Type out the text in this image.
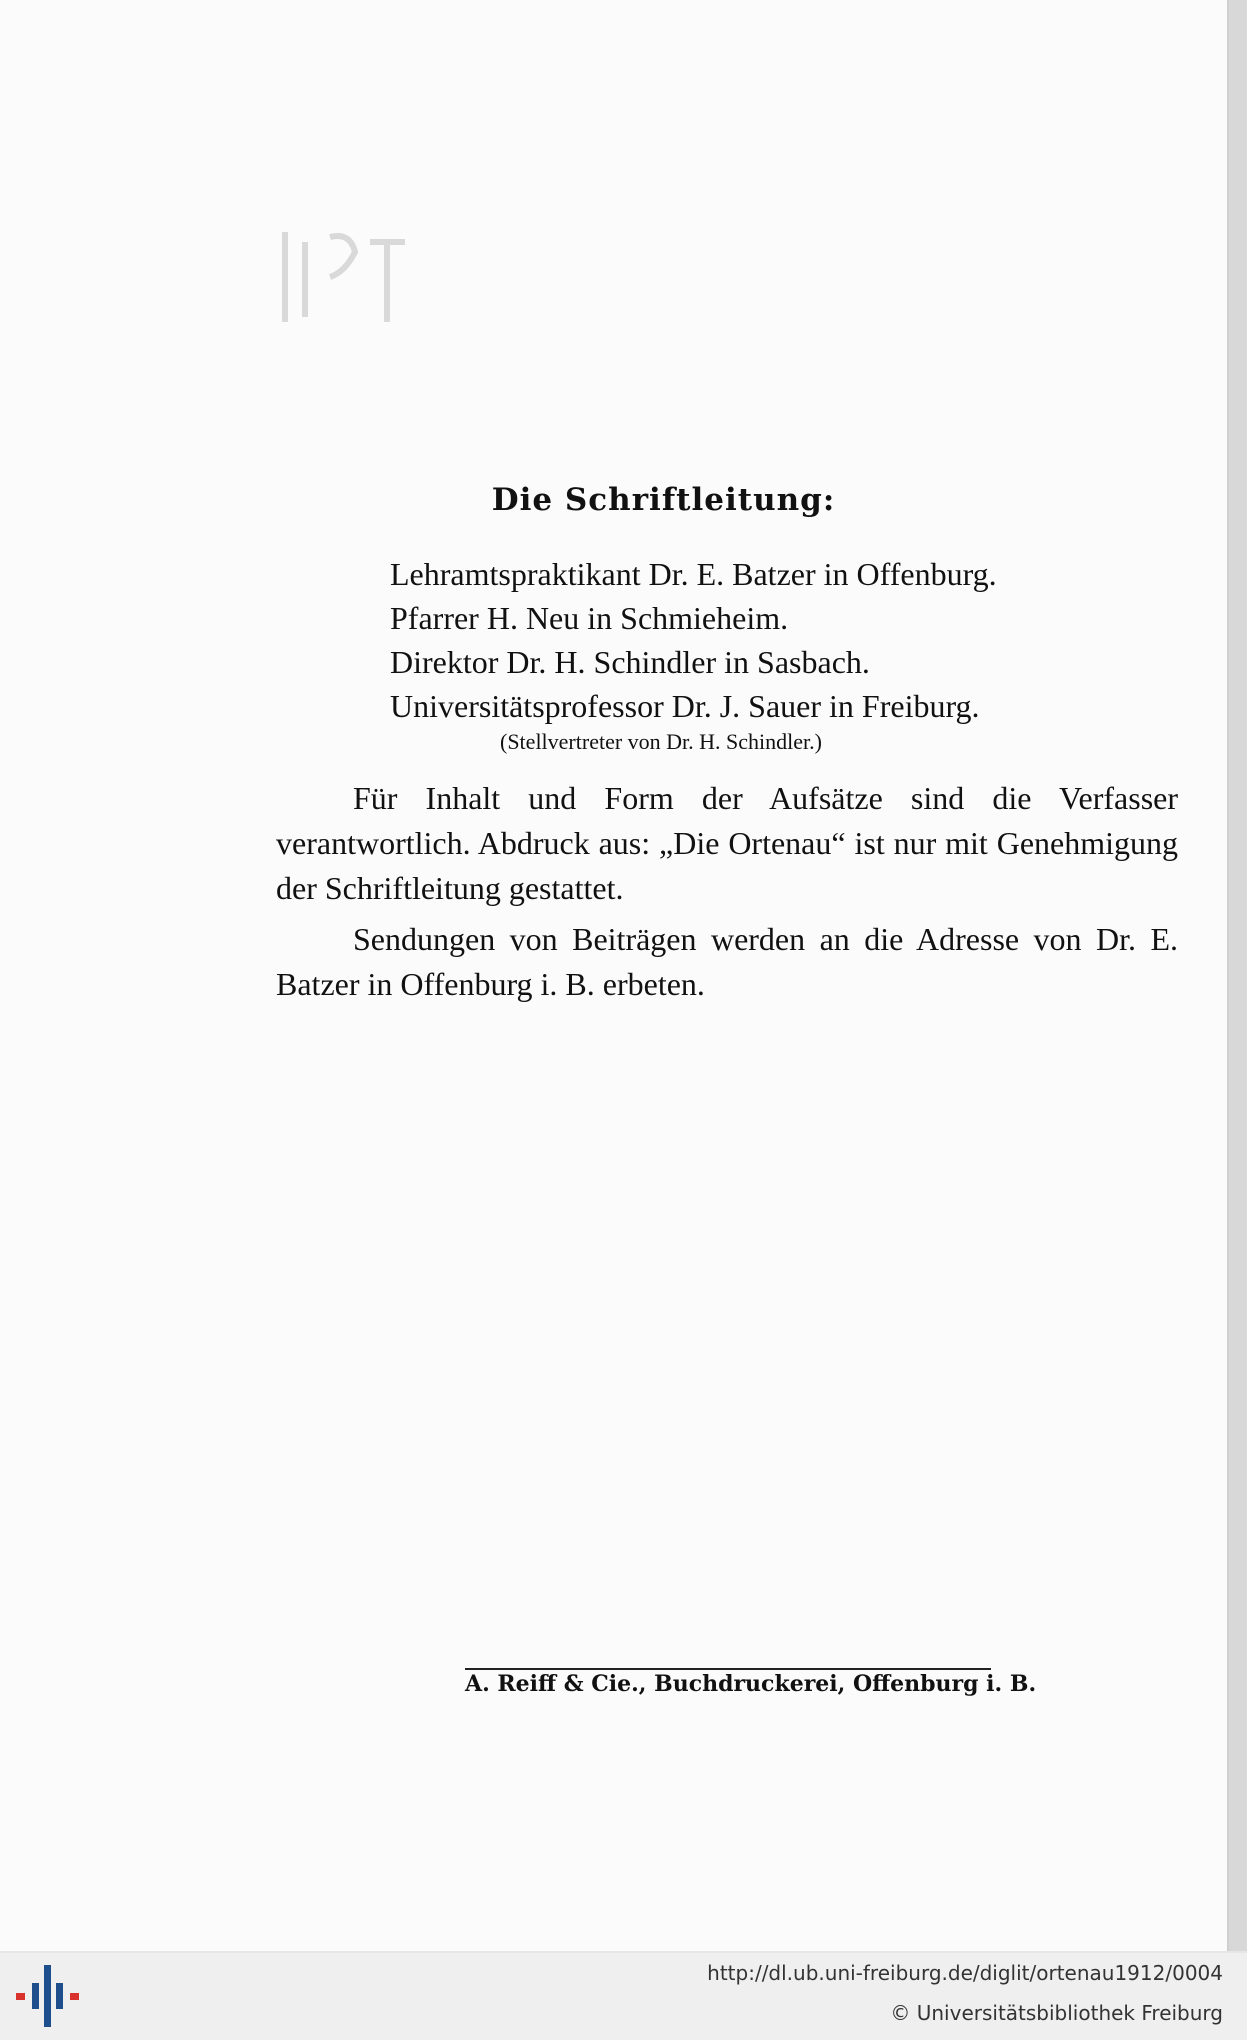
Die Schriftleitung:
Lehramtspraktikant Dr. E. Batzer in Offenburg.
Pfarrer H. Neu in Schmieheim.
Direktor Dr. H. Schindler in Sasbach.
Universitätsprofessor Dr. J. Sauer in Freiburg.
(Stellvertreter von Dr. H. Schindler.)
Für Inhalt und Form der Aufsätze sind die Verfasser verantwortlich. Abdruck aus: „Die Ortenau“ ist nur mit Genehmigung der Schriftleitung gestattet.
Sendungen von Beiträgen werden an die Adresse von Dr. E. Batzer in Offenburg i. B. erbeten.
A. Reiff & Cie., Buchdruckerei, Offenburg i. B.
http://dl.ub.uni-freiburg.de/diglit/ortenau1912/0004
© Universitätsbibliothek Freiburg
